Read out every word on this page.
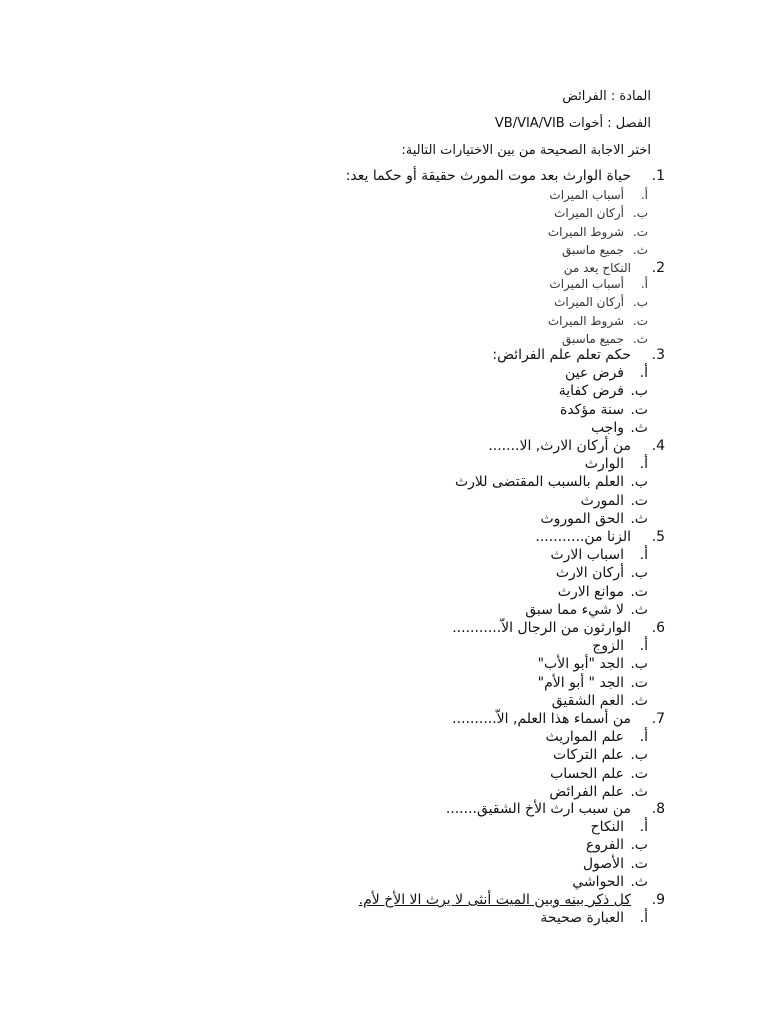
المادة : الفرائض
الفصل : أخوات VB/VIA/VIB
اختر الاجابة الصحيحة من بين الاختيارات التالية:
1.
حياة الوارث بعد موت المورث حقيقة أو حكما يعد:
أ.
أسباب الميراث
ب.
أركان الميراث
ت.
شروط الميراث
ث.
جميع ماسبق
2.
النكاح يعد من
أ.
أسباب الميراث
ب.
أركان الميراث
ت.
شروط الميراث
ث.
جميع ماسبق
3.
حكم تعلم علم الفرائض:
أ.
فرض عين
ب.
فرض كفاية
ت.
سنة مؤكدة
ث.
واجب
4.
من أركان الارث, الا.......
أ.
الوارث
ب.
العلم بالسبب المقتضى للارث
ت.
المورث
ث.
الحق الموروث
5.
الزنا من...........
أ.
اسباب الارث
ب.
أركان الارث
ت.
موانع الارث
ث.
لا شيء مما سبق
6.
الوارثون من الرجال الاّ...........
أ.
الزوج
ب.
الجد "أبو الأب"
ت.
الجد " أبو الأم"
ث.
العم الشقيق
7.
من أسماء هذا العلم, الاّ..........
أ.
علم المواريث
ب.
علم التركات
ت.
علم الحساب
ث.
علم الفرائض
8.
من سبب ارث الأخ الشقيق.......
أ.
النكاح
ب.
الفروع
ت.
الأصول
ث.
الحواشي
9.
كل ذكر بينه وبين الميت أنثى لا يرث الا الأخ لأم.
أ.
العبارة صحيحة
